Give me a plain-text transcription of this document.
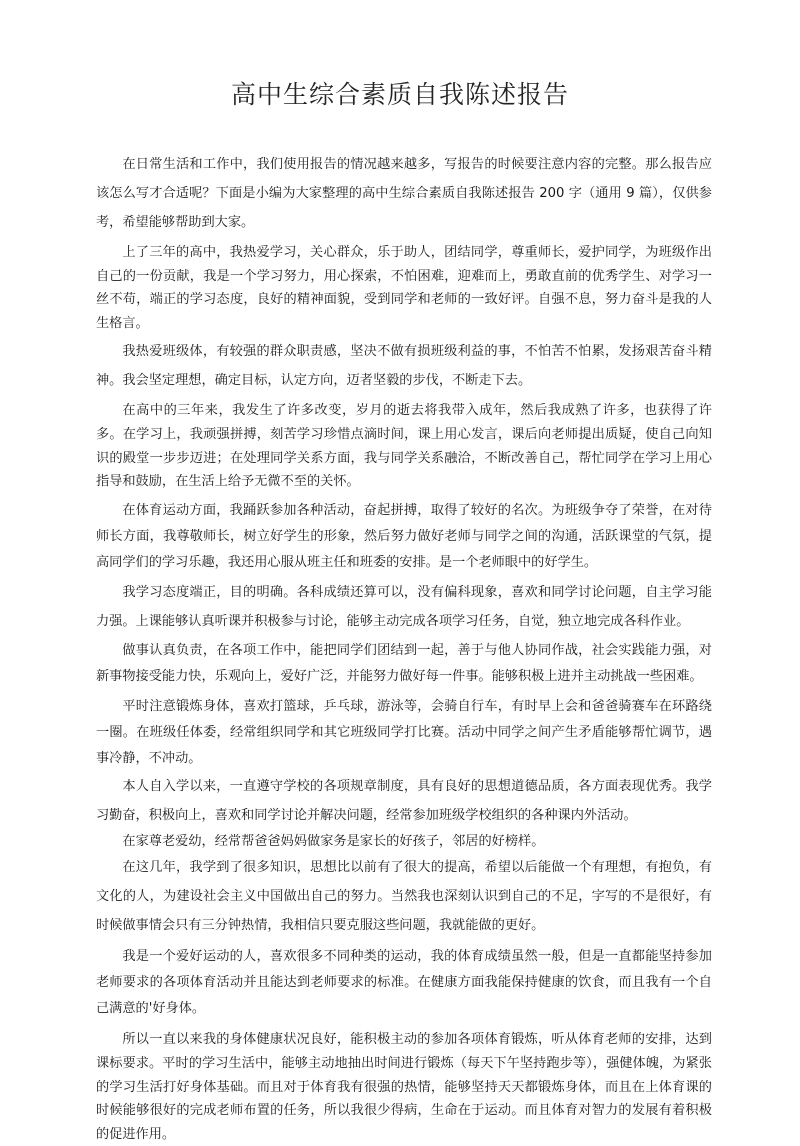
高中生综合素质自我陈述报告

在日常生活和工作中，我们使用报告的情况越来越多，写报告的时候要注意内容的完整。那么报告应该怎么写才合适呢？下面是小编为大家整理的高中生综合素质自我陈述报告 200 字（通用 9 篇），仅供参考，希望能够帮助到大家。

上了三年的高中，我热爱学习，关心群众，乐于助人，团结同学，尊重师长，爱护同学，为班级作出自己的一份贡献，我是一个学习努力，用心探索，不怕困难，迎难而上，勇敢直前的优秀学生、对学习一丝不苟，端正的学习态度，良好的精神面貌，受到同学和老师的一致好评。自强不息，努力奋斗是我的人生格言。

我热爱班级体，有较强的群众职责感，坚决不做有损班级利益的事，不怕苦不怕累，发扬艰苦奋斗精神。我会坚定理想，确定目标，认定方向，迈者坚毅的步伐，不断走下去。

在高中的三年来，我发生了许多改变，岁月的逝去将我带入成年，然后我成熟了许多，也获得了许多。在学习上，我顽强拼搏，刻苦学习珍惜点滴时间，课上用心发言，课后向老师提出质疑，使自己向知识的殿堂一步步迈进；在处理同学关系方面，我与同学关系融洽，不断改善自己，帮忙同学在学习上用心指导和鼓励，在生活上给予无微不至的关怀。

在体育运动方面，我踊跃参加各种活动，奋起拼搏，取得了较好的名次。为班级争夺了荣誉，在对待师长方面，我尊敬师长，树立好学生的形象，然后努力做好老师与同学之间的沟通，活跃课堂的气氛，提高同学们的学习乐趣，我还用心服从班主任和班委的安排。是一个老师眼中的好学生。

我学习态度端正，目的明确。各科成绩还算可以，没有偏科现象，喜欢和同学讨论问题，自主学习能力强。上课能够认真听课并积极参与讨论，能够主动完成各项学习任务，自觉，独立地完成各科作业。

做事认真负责，在各项工作中，能把同学们团结到一起，善于与他人协同作战，社会实践能力强，对新事物接受能力快，乐观向上，爱好广泛，并能努力做好每一件事。能够积极上进并主动挑战一些困难。

平时注意锻炼身体，喜欢打篮球，乒乓球，游泳等，会骑自行车，有时早上会和爸爸骑赛车在环路绕一圈。在班级任体委，经常组织同学和其它班级同学打比赛。活动中同学之间产生矛盾能够帮忙调节，遇事冷静，不冲动。

本人自入学以来，一直遵守学校的各项规章制度，具有良好的思想道德品质，各方面表现优秀。我学习勤奋，积极向上，喜欢和同学讨论并解决问题，经常参加班级学校组织的各种课内外活动。

在家尊老爱幼，经常帮爸爸妈妈做家务是家长的好孩子，邻居的好榜样。

在这几年，我学到了很多知识，思想比以前有了很大的提高，希望以后能做一个有理想，有抱负，有文化的人，为建设社会主义中国做出自己的努力。当然我也深刻认识到自己的不足，字写的不是很好，有时候做事情会只有三分钟热情，我相信只要克服这些问题，我就能做的更好。

我是一个爱好运动的人，喜欢很多不同种类的运动，我的体育成绩虽然一般，但是一直都能坚持参加老师要求的各项体育活动并且能达到老师要求的标准。在健康方面我能保持健康的饮食，而且我有一个自己满意的'好身体。

所以一直以来我的身体健康状况良好，能积极主动的参加各项体育锻炼，听从体育老师的安排，达到课标要求。平时的学习生活中，能够主动地抽出时间进行锻炼（每天下午坚持跑步等），强健体魄，为紧张的学习生活打好身体基础。而且对于体育我有很强的热情，能够坚持天天都锻炼身体，而且在上体育课的时候能够很好的完成老师布置的任务，所以我很少得病，生命在于运动。而且体育对智力的发展有着积极的促进作用。
